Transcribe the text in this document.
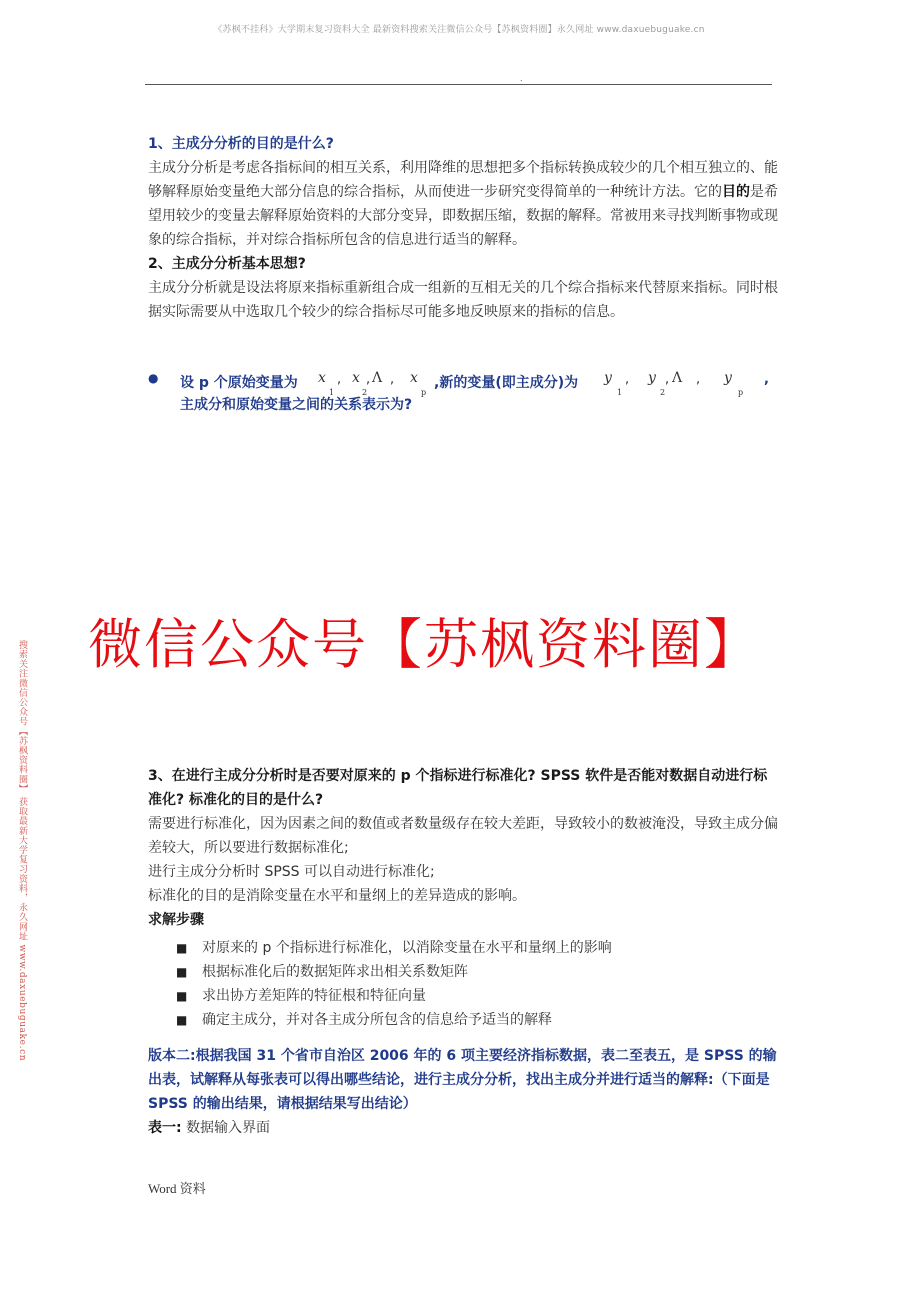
《苏枫不挂科》大学期末复习资料大全 最新资料搜索关注微信公众号【苏枫资料圈】永久网址 www.daxuebuguake.cn
.
搜索关注微信公众号【苏枫资料圈】 获取最新大学复习资料，永久网址 www.daxuebuguake.cn

1、主成分分析的目的是什么?

主成分分析是考虑各指标间的相互关系，利用降维的思想把多个指标转换成较少的几个相互独立的、能够解释原始变量绝大部分信息的综合指标，从而使进一步研究变得简单的一种统计方法。它的目的是希望用较少的变量去解释原始资料的大部分变异，即数据压缩，数据的解释。常被用来寻找判断事物或现象的综合指标，并对综合指标所包含的信息进行适当的解释。

2、主成分分析基本思想?

主成分分析就是设法将原来指标重新组合成一组新的互相无关的几个综合指标来代替原来指标。同时根据实际需要从中选取几个较少的综合指标尽可能多地反映原来的指标的信息。

● 设 p 个原始变量为 x
1
, x
2
, Λ , x
p
,新的变量(即主成分)为 y
1
, y
2
, Λ , y
p
,
主成分和原始变量之间的关系表示为?
微信公众号【苏枫资料圈】

3、在进行主成分分析时是否要对原来的 p 个指标进行标准化? SPSS 软件是否能对数据自动进行标准化? 标准化的目的是什么?

需要进行标准化，因为因素之间的数值或者数量级存在较大差距，导致较小的数被淹没，导致主成分偏差较大，所以要进行数据标准化;

进行主成分分析时 SPSS 可以自动进行标准化;

标准化的目的是消除变量在水平和量纲上的差异造成的影响。

求解步骤

■ 对原来的 p 个指标进行标准化，以消除变量在水平和量纲上的影响
■ 根据标准化后的数据矩阵求出相关系数矩阵
■ 求出协方差矩阵的特征根和特征向量
■ 确定主成分，并对各主成分所包含的信息给予适当的解释

版本二:根据我国 31 个省市自治区 2006 年的 6 项主要经济指标数据，表二至表五，是 SPSS 的输出表，试解释从每张表可以得出哪些结论，进行主成分分析，找出主成分并进行适当的解释:（下面是 SPSS 的输出结果，请根据结果写出结论）

表一: 数据输入界面

Word 资料
